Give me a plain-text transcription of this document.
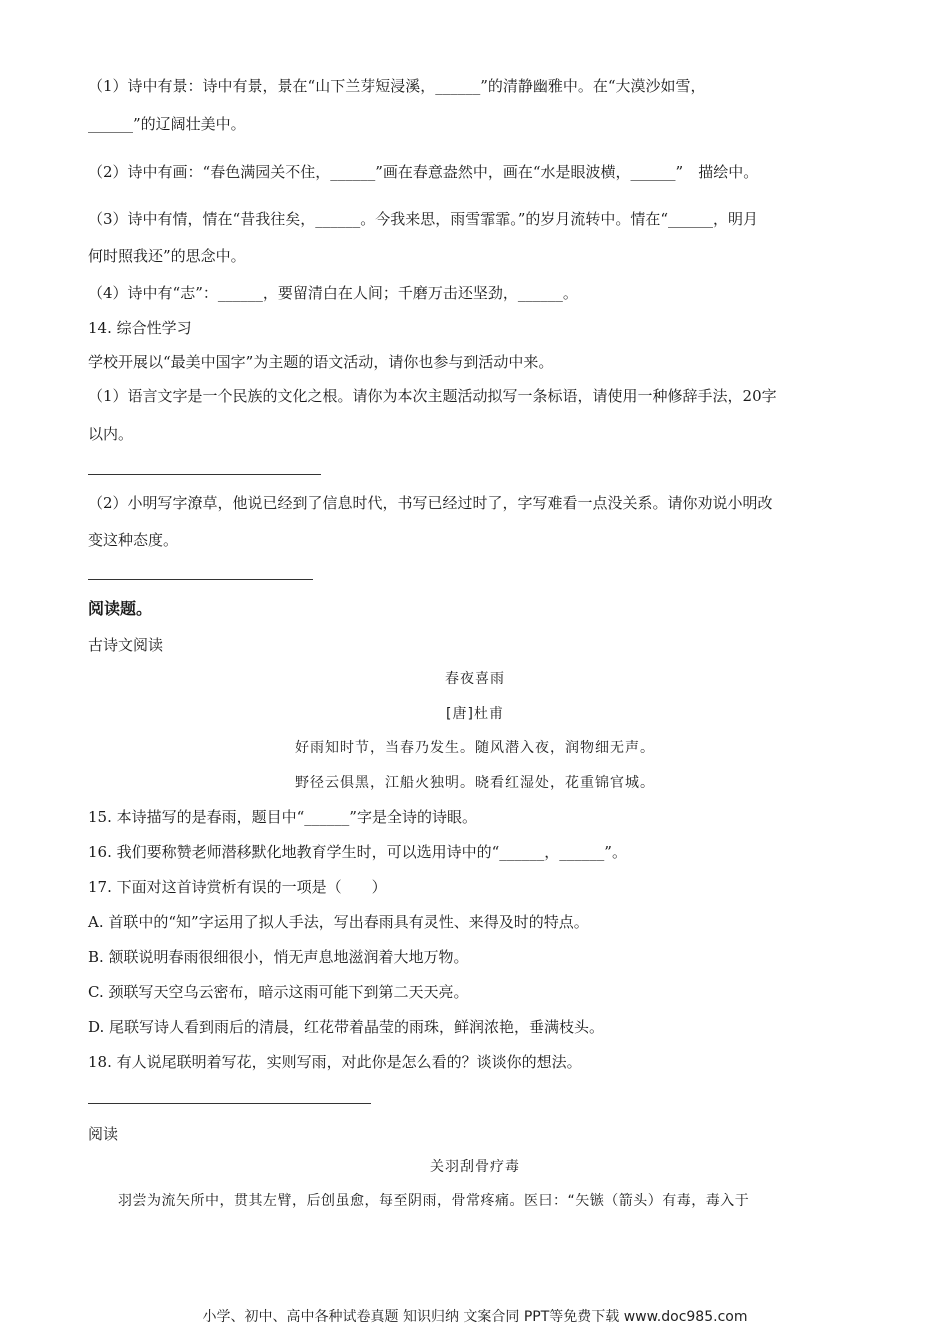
（1）诗中有景：诗中有景，景在“山下兰芽短浸溪，______”的清静幽雅中。在“大漠沙如雪，
______”的辽阔壮美中。
（2）诗中有画：“春色满园关不住，______”画在春意盎然中，画在“水是眼波横，______”　描绘中。
（3）诗中有情，情在“昔我往矣，______。今我来思，雨雪霏霏。”的岁月流转中。情在“______，明月
何时照我还”的思念中。
（4）诗中有“志”：______，要留清白在人间；千磨万击还坚劲，______。
14. 综合性学习
学校开展以“最美中国字”为主题的语文活动，请你也参与到活动中来。
（1）语言文字是一个民族的文化之根。请你为本次主题活动拟写一条标语，请使用一种修辞手法，20字
以内。
（2）小明写字潦草，他说已经到了信息时代，书写已经过时了，字写难看一点没关系。请你劝说小明改
变这种态度。
阅读题。
古诗文阅读
春夜喜雨
[唐]杜甫
好雨知时节，当春乃发生。随风潜入夜，润物细无声。
野径云俱黑，江船火独明。晓看红湿处，花重锦官城。
15. 本诗描写的是春雨，题目中“______”字是全诗的诗眼。
16. 我们要称赞老师潜移默化地教育学生时，可以选用诗中的“______，______”。
17. 下面对这首诗赏析有误的一项是（　　）
A. 首联中的“知”字运用了拟人手法，写出春雨具有灵性、来得及时的特点。
B. 颔联说明春雨很细很小，悄无声息地滋润着大地万物。
C. 颈联写天空乌云密布，暗示这雨可能下到第二天天亮。
D. 尾联写诗人看到雨后的清晨，红花带着晶莹的雨珠，鲜润浓艳，垂满枝头。
18. 有人说尾联明着写花，实则写雨，对此你是怎么看的？谈谈你的想法。
阅读
关羽刮骨疗毒
羽尝为流矢所中，贯其左臂，后创虽愈，每至阴雨，骨常疼痛。医曰：“矢镞（箭头）有毒，毒入于
小学、初中、高中各种试卷真题 知识归纳 文案合同 PPT等免费下载 www.doc985.com
